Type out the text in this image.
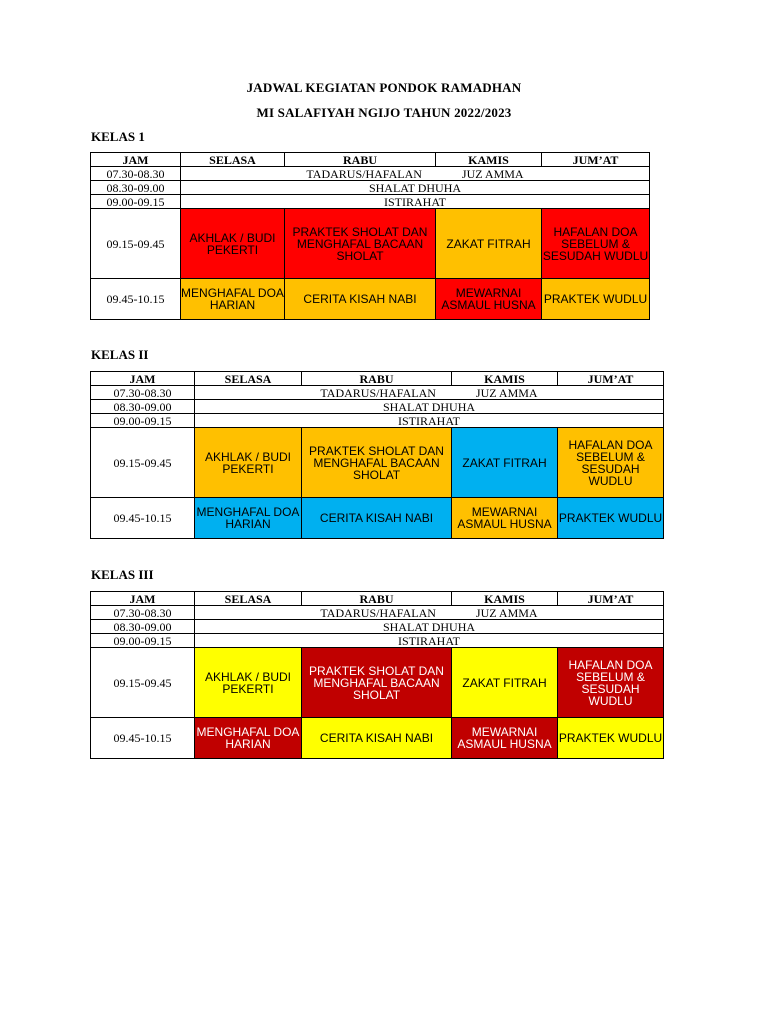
JADWAL KEGIATAN PONDOK RAMADHAN
MI SALAFIYAH NGIJO TAHUN 2022/2023
KELAS 1
JAM	SELASA	RABU	KAMIS	JUM’AT
07.30-08.30	TADARUS/HAFALAN JUZ AMMA			

08.30-09.00	SHALAT DHUHA			
09.00-09.15	ISTIRAHAT			
09.15-09.45	AKHLAK / BUDI PEKERTI	PRAKTEK SHOLAT DAN MENGHAFAL BACAAN SHOLAT	ZAKAT FITRAH	HAFALAN DOA SEBELUM & SESUDAH WUDLU
09.45-10.15	MENGHAFAL DOA HARIAN	CERITA KISAH NABI	MEWARNAI ASMAUL HUSNA	PRAKTEK WUDLU
KELAS II
JAM	SELASA	RABU	KAMIS	JUM’AT
07.30-08.30	TADARUS/HAFALAN JUZ AMMA			

08.30-09.00	SHALAT DHUHA			
09.00-09.15	ISTIRAHAT			
09.15-09.45	AKHLAK / BUDI PEKERTI	PRAKTEK SHOLAT DAN MENGHAFAL BACAAN SHOLAT	ZAKAT FITRAH	HAFALAN DOA SEBELUM & SESUDAH WUDLU
09.45-10.15	MENGHAFAL DOA HARIAN	CERITA KISAH NABI	MEWARNAI ASMAUL HUSNA	PRAKTEK WUDLU
KELAS III
JAM	SELASA	RABU	KAMIS	JUM’AT
07.30-08.30	TADARUS/HAFALAN JUZ AMMA			

08.30-09.00	SHALAT DHUHA			
09.00-09.15	ISTIRAHAT			
09.15-09.45	AKHLAK / BUDI PEKERTI	PRAKTEK SHOLAT DAN MENGHAFAL BACAAN SHOLAT	ZAKAT FITRAH	HAFALAN DOA SEBELUM & SESUDAH WUDLU
09.45-10.15	MENGHAFAL DOA HARIAN	CERITA KISAH NABI	MEWARNAI ASMAUL HUSNA	PRAKTEK WUDLU
